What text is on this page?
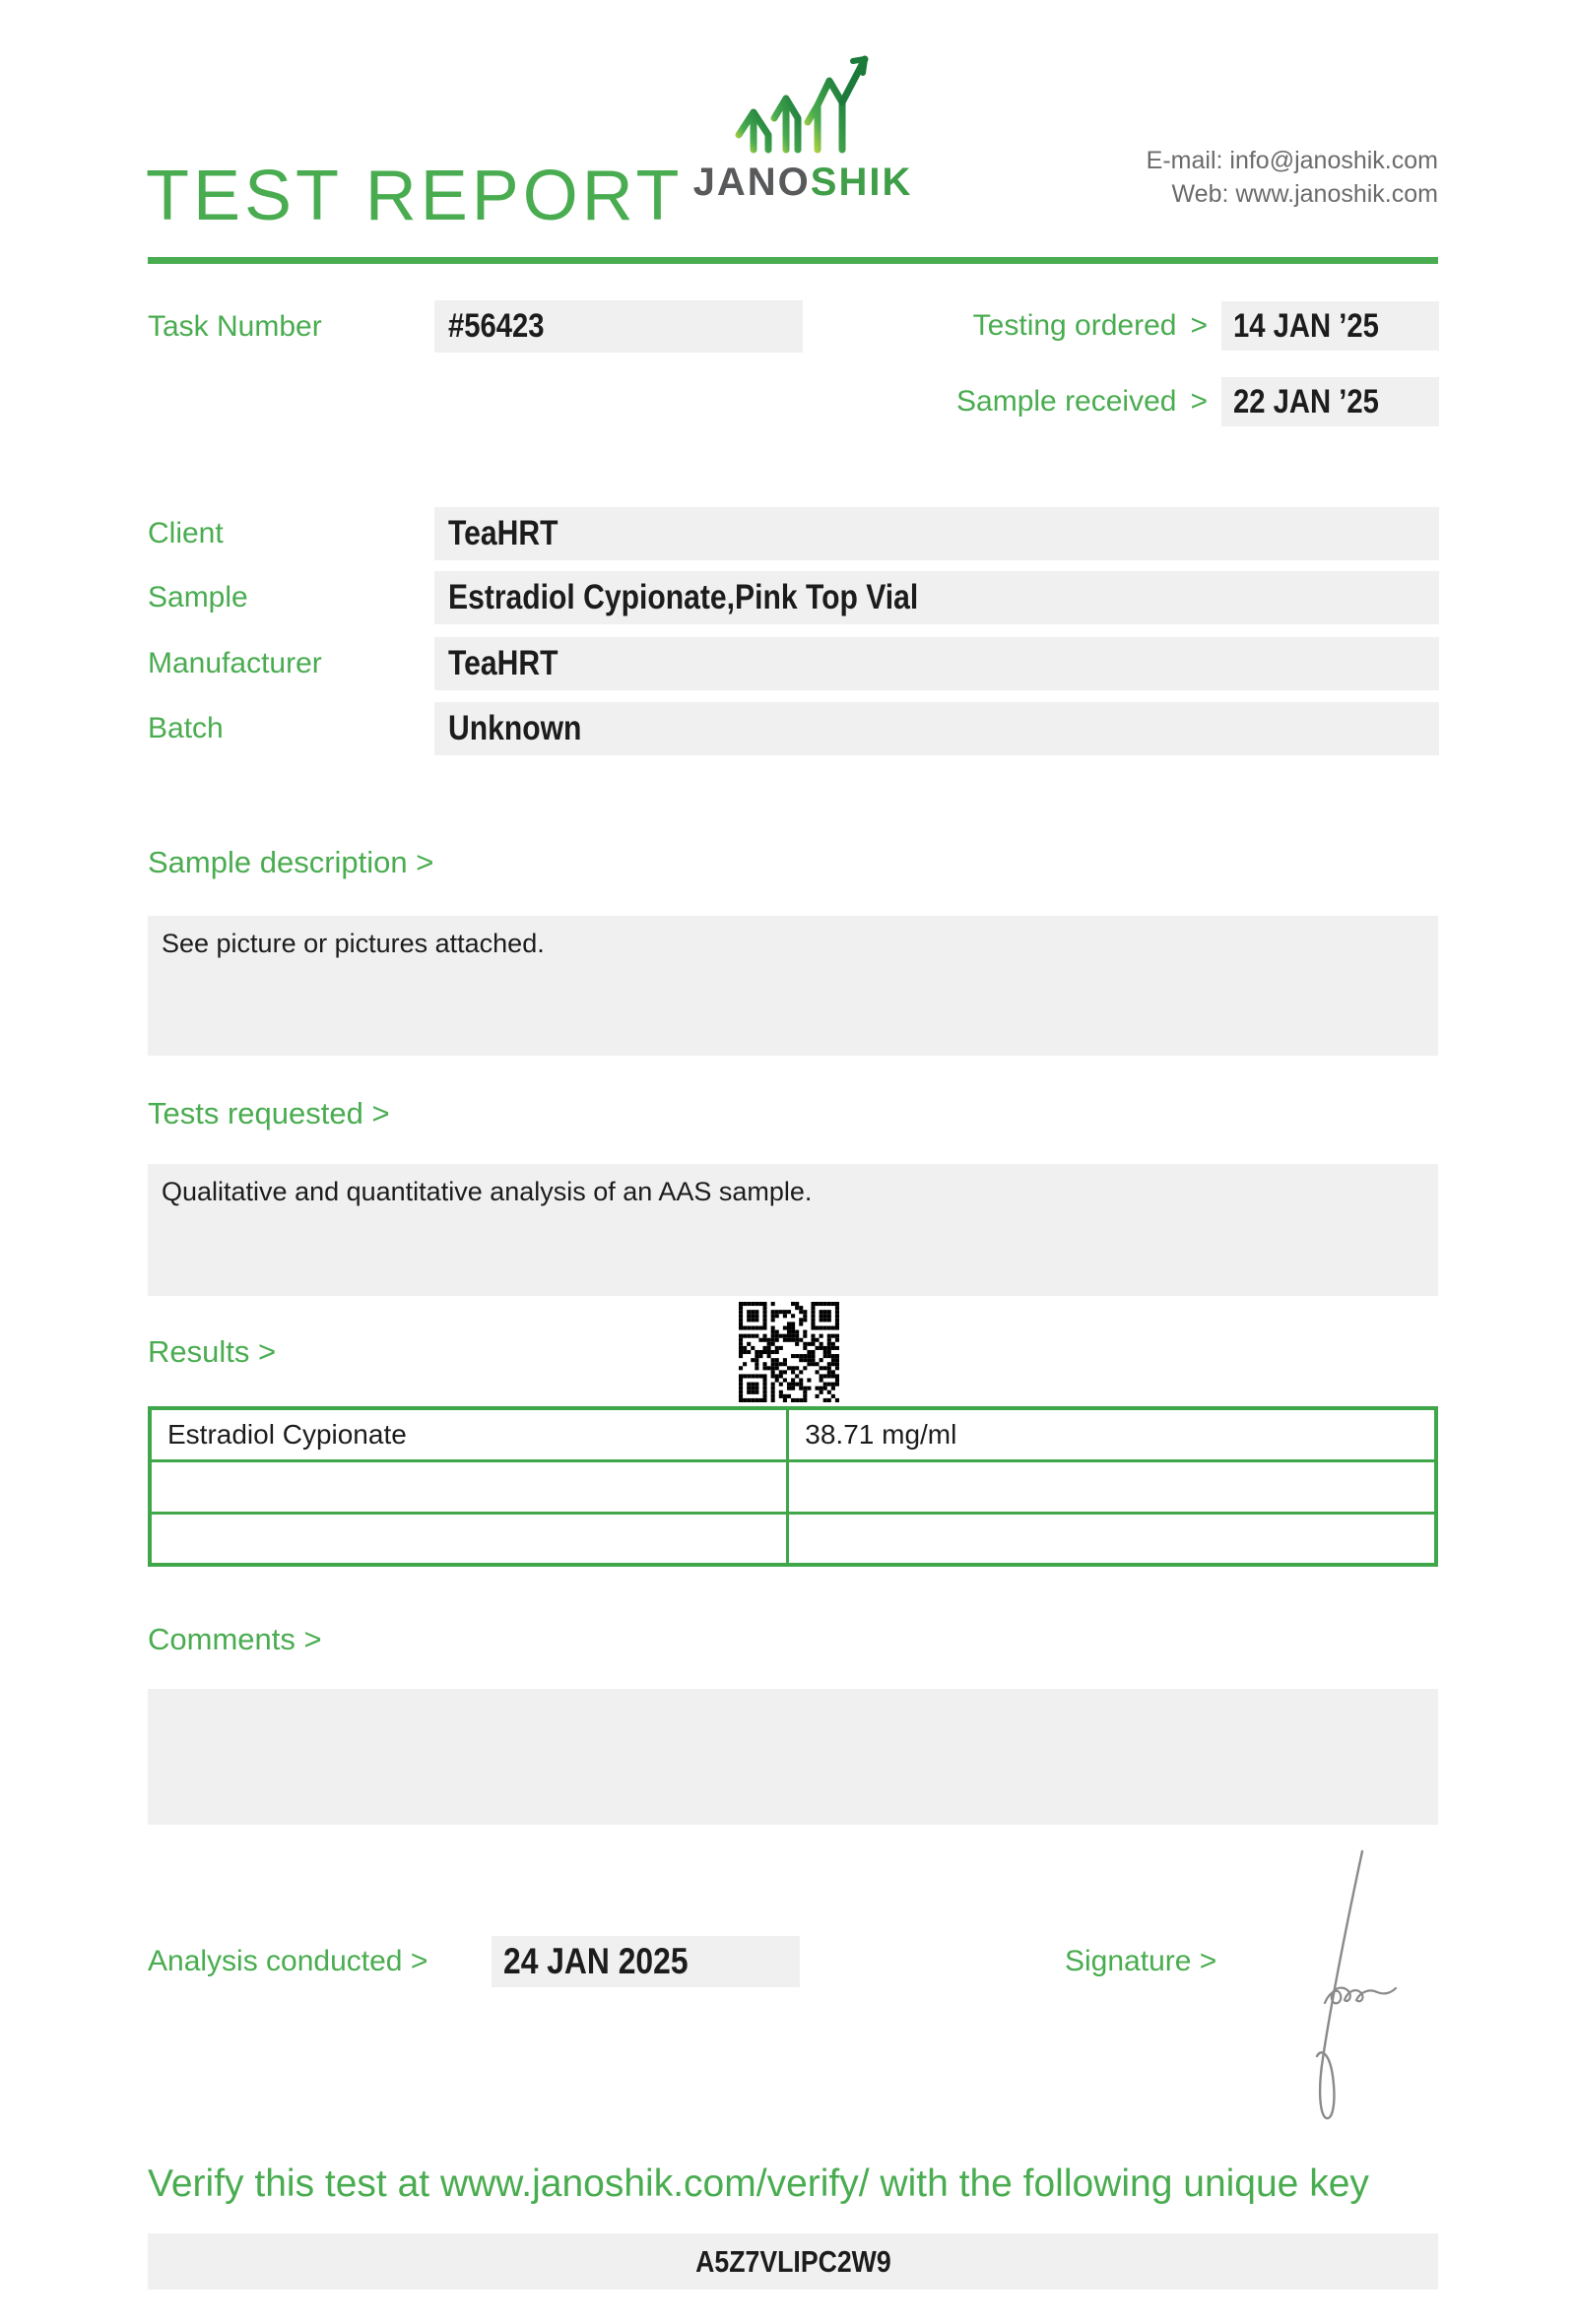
TEST REPORT JANOSHIK	E-mail: info@janoshik.com
Web: www.janoshik.com
Task Number	#56423	Testing ordered > 14 JAN ’25
Sample received > 22 JAN ’25
Client	TeaHRT
Sample	Estradiol Cypionate,Pink Top Vial
Manufacturer	TeaHRT
Batch	Unknown
Sample description >
See picture or pictures attached.
Tests requested >
Qualitative and quantitative analysis of an AAS sample.
Results >
Estradiol Cypionate	38.71 mg/ml

Comments >
Analysis conducted > 24 JAN 2025	Signature >
Verify this test at www.janoshik.com/verify/ with the following unique key
A5Z7VLIPC2W9
